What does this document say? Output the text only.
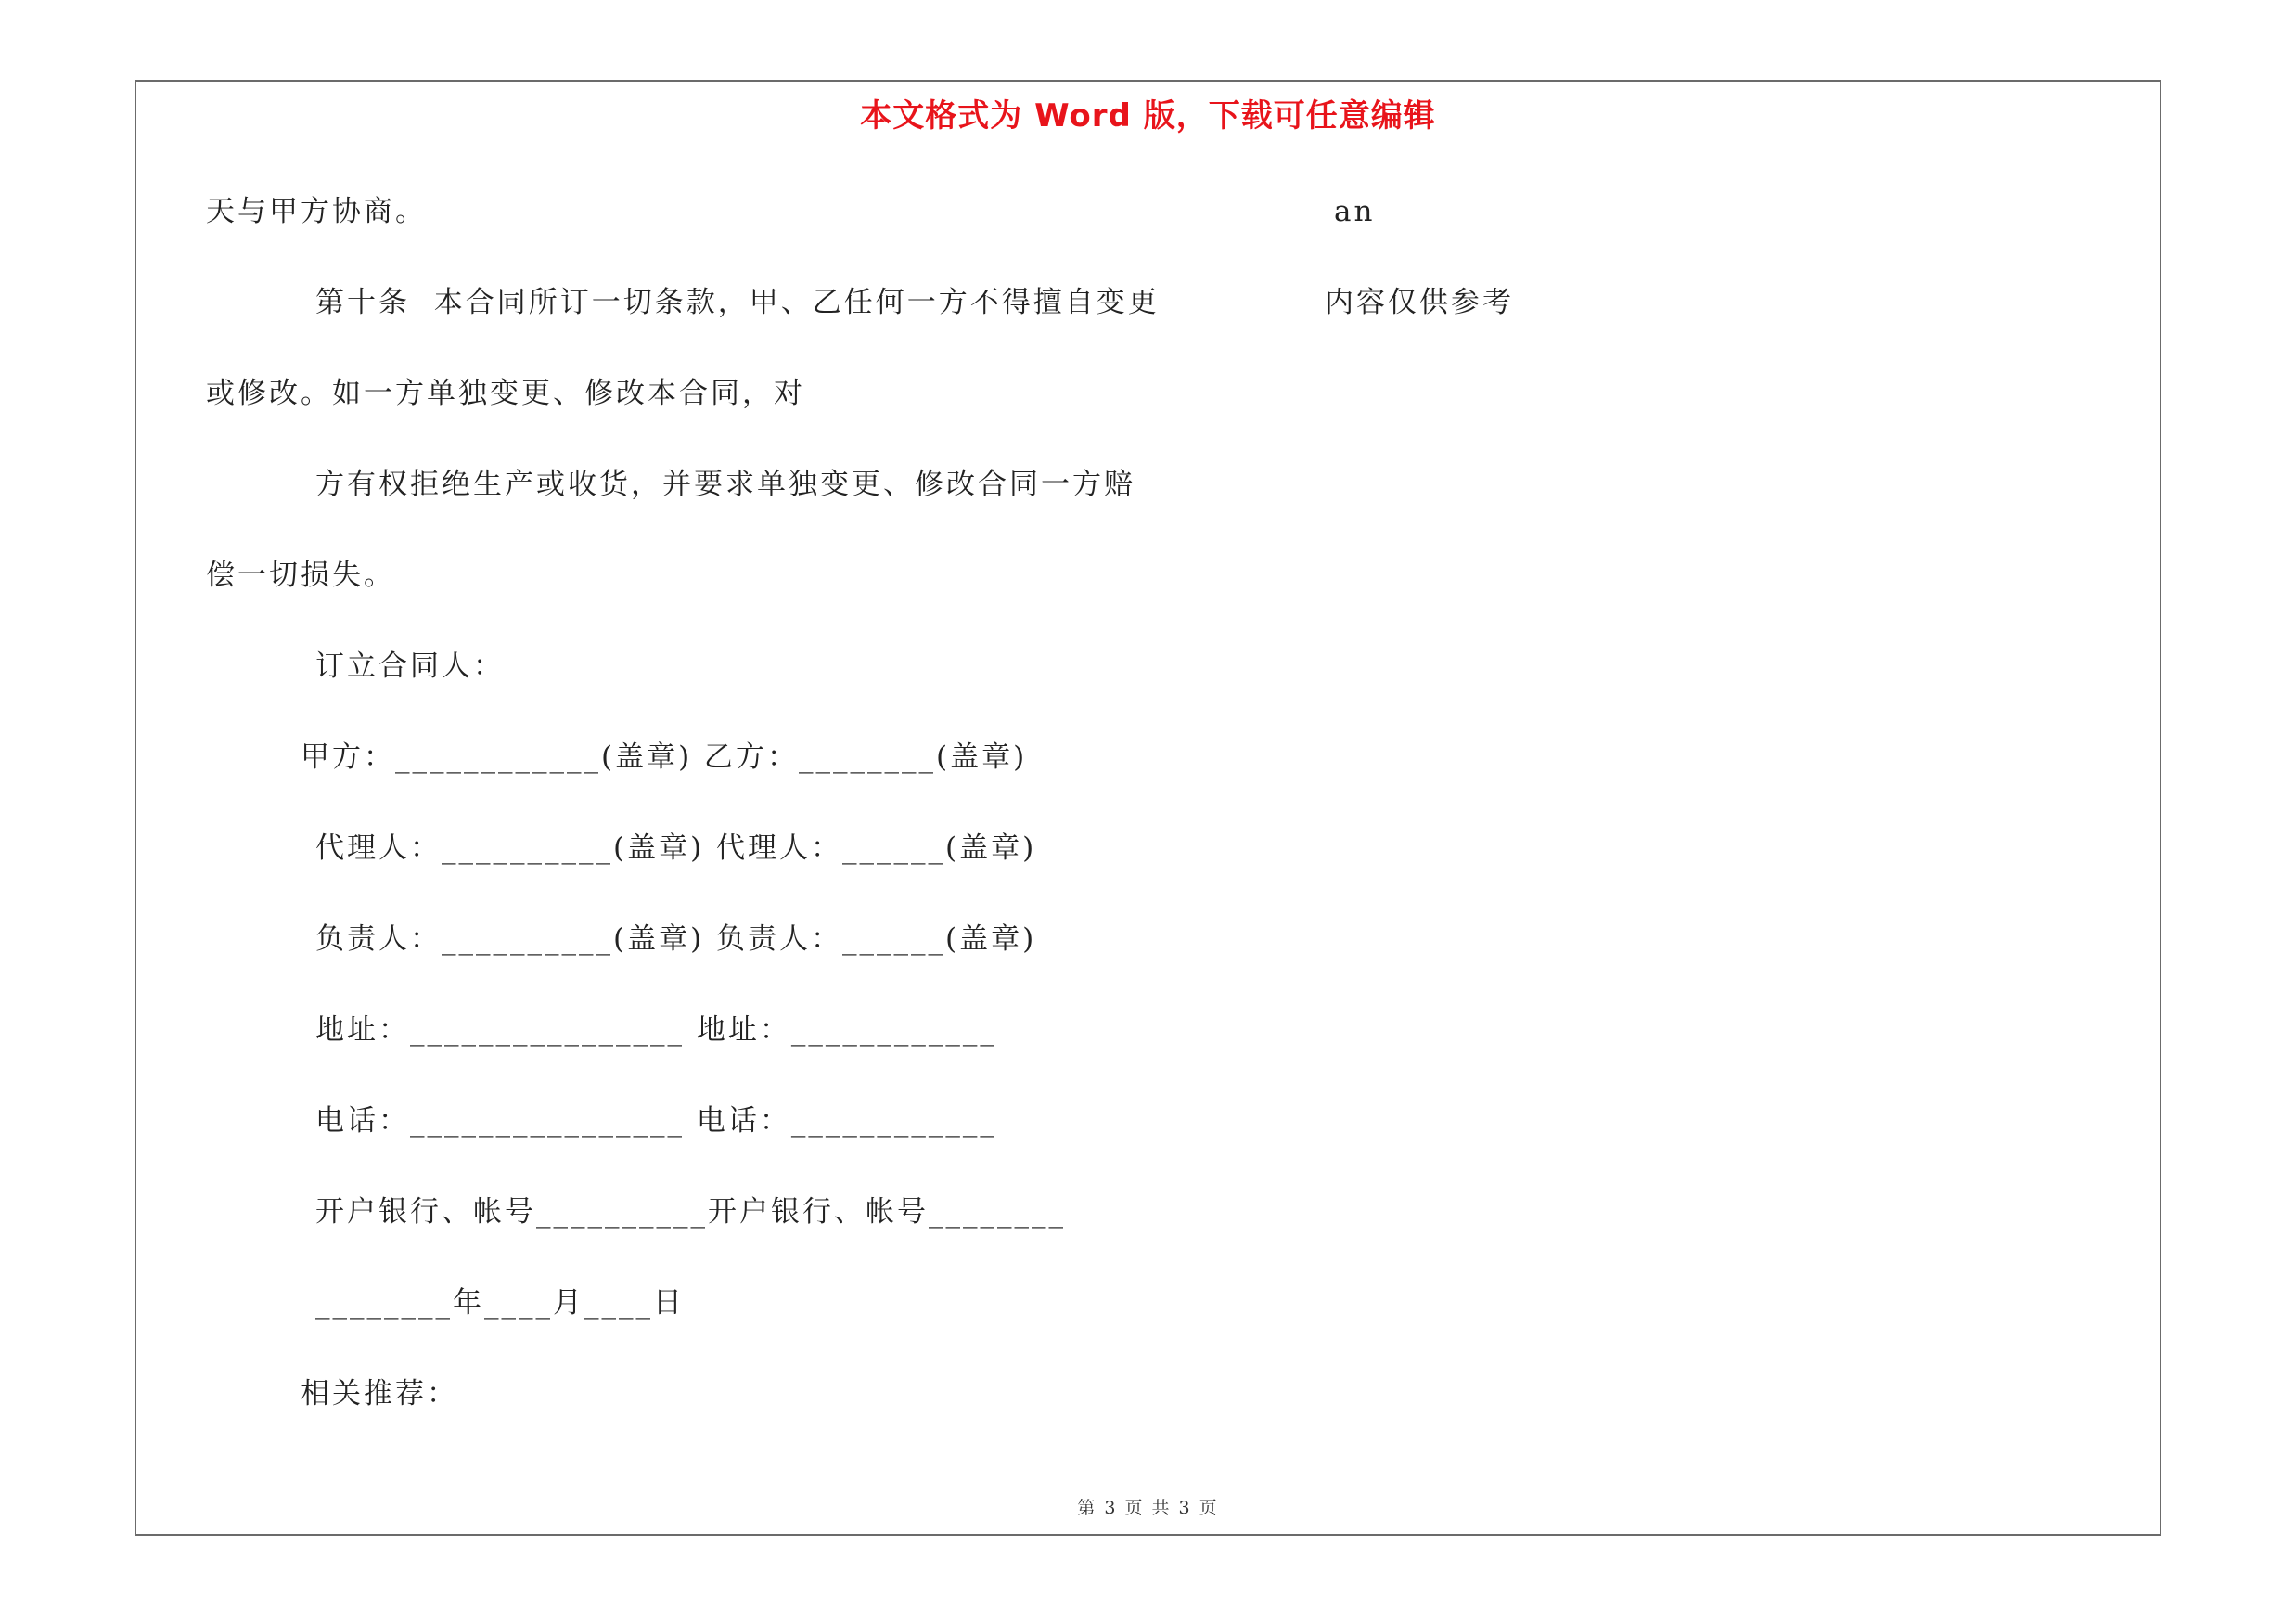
本文格式为 Word 版，下载可任意编辑
an
内容仅供参考
天与甲方协商。
第十条  本合同所订一切条款，甲、乙任何一方不得擅自变更
或修改。如一方单独变更、修改本合同，对
方有权拒绝生产或收货，并要求单独变更、修改合同一方赔
偿一切损失。
订立合同人：
甲方：____________(盖章) 乙方：________(盖章)
代理人：__________(盖章) 代理人：______(盖章)
负责人：__________(盖章) 负责人：______(盖章)
地址：________________ 地址：____________
电话：________________ 电话：____________
开户银行、帐号__________开户银行、帐号________
________年____月____日
相关推荐：
第 3 页 共 3 页
